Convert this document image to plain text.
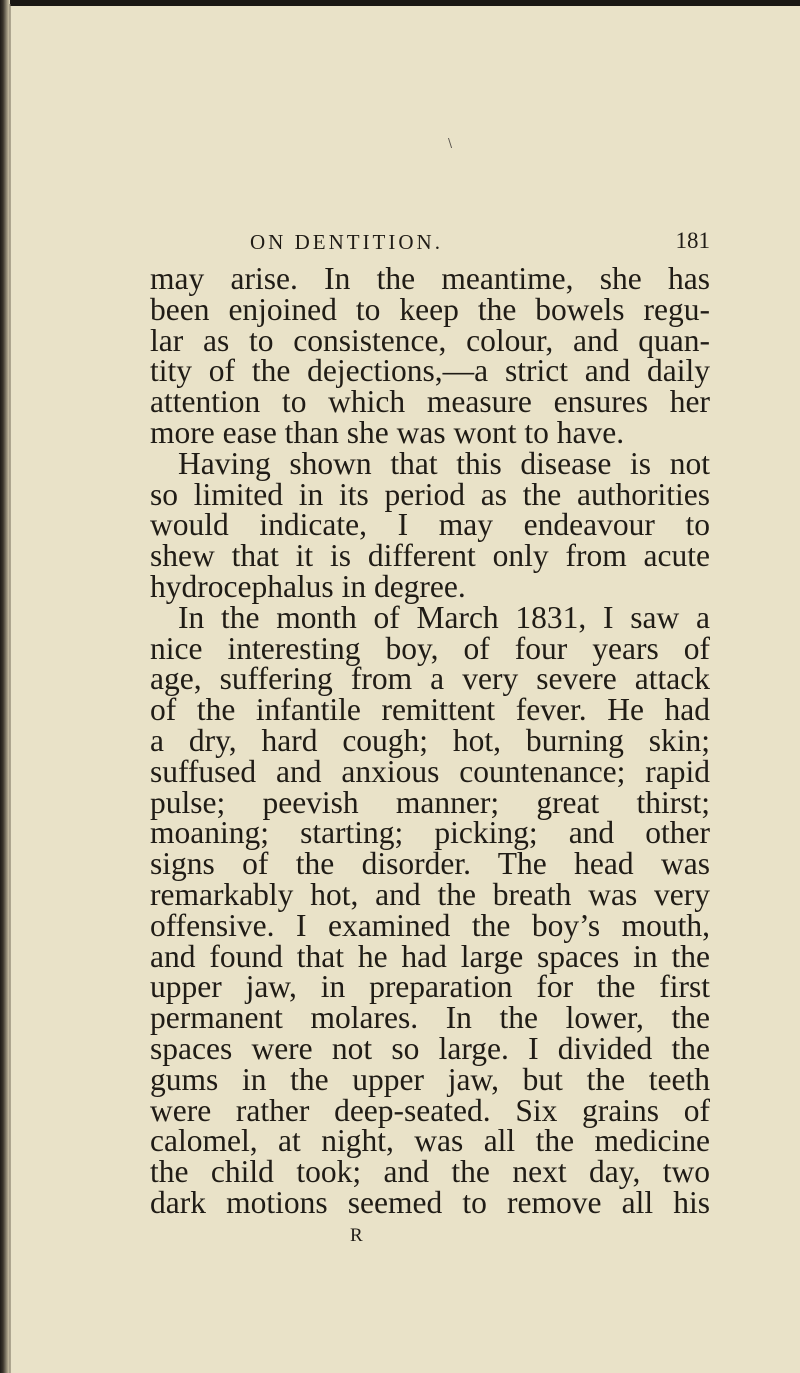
\
ON DENTITION.	181
may arise. In the meantime, she has
been enjoined to keep the bowels regu-
lar as to consistence, colour, and quan-
tity of the dejections,—a strict and daily
attention to which measure ensures her
more ease than she was wont to have.
Having shown that this disease is not
so limited in its period as the authorities
would indicate, I may endeavour to
shew that it is different only from acute
hydrocephalus in degree.
In the month of March 1831, I saw a
nice interesting boy, of four years of
age, suffering from a very severe attack
of the infantile remittent fever. He had
a dry, hard cough; hot, burning skin;
suffused and anxious countenance; rapid
pulse; peevish manner; great thirst;
moaning; starting; picking; and other
signs of the disorder. The head was
remarkably hot, and the breath was very
offensive. I examined the boy’s mouth,
and found that he had large spaces in the
upper jaw, in preparation for the first
permanent molares. In the lower, the
spaces were not so large. I divided the
gums in the upper jaw, but the teeth
were rather deep-seated. Six grains of
calomel, at night, was all the medicine
the child took; and the next day, two
dark motions seemed to remove all his
R
